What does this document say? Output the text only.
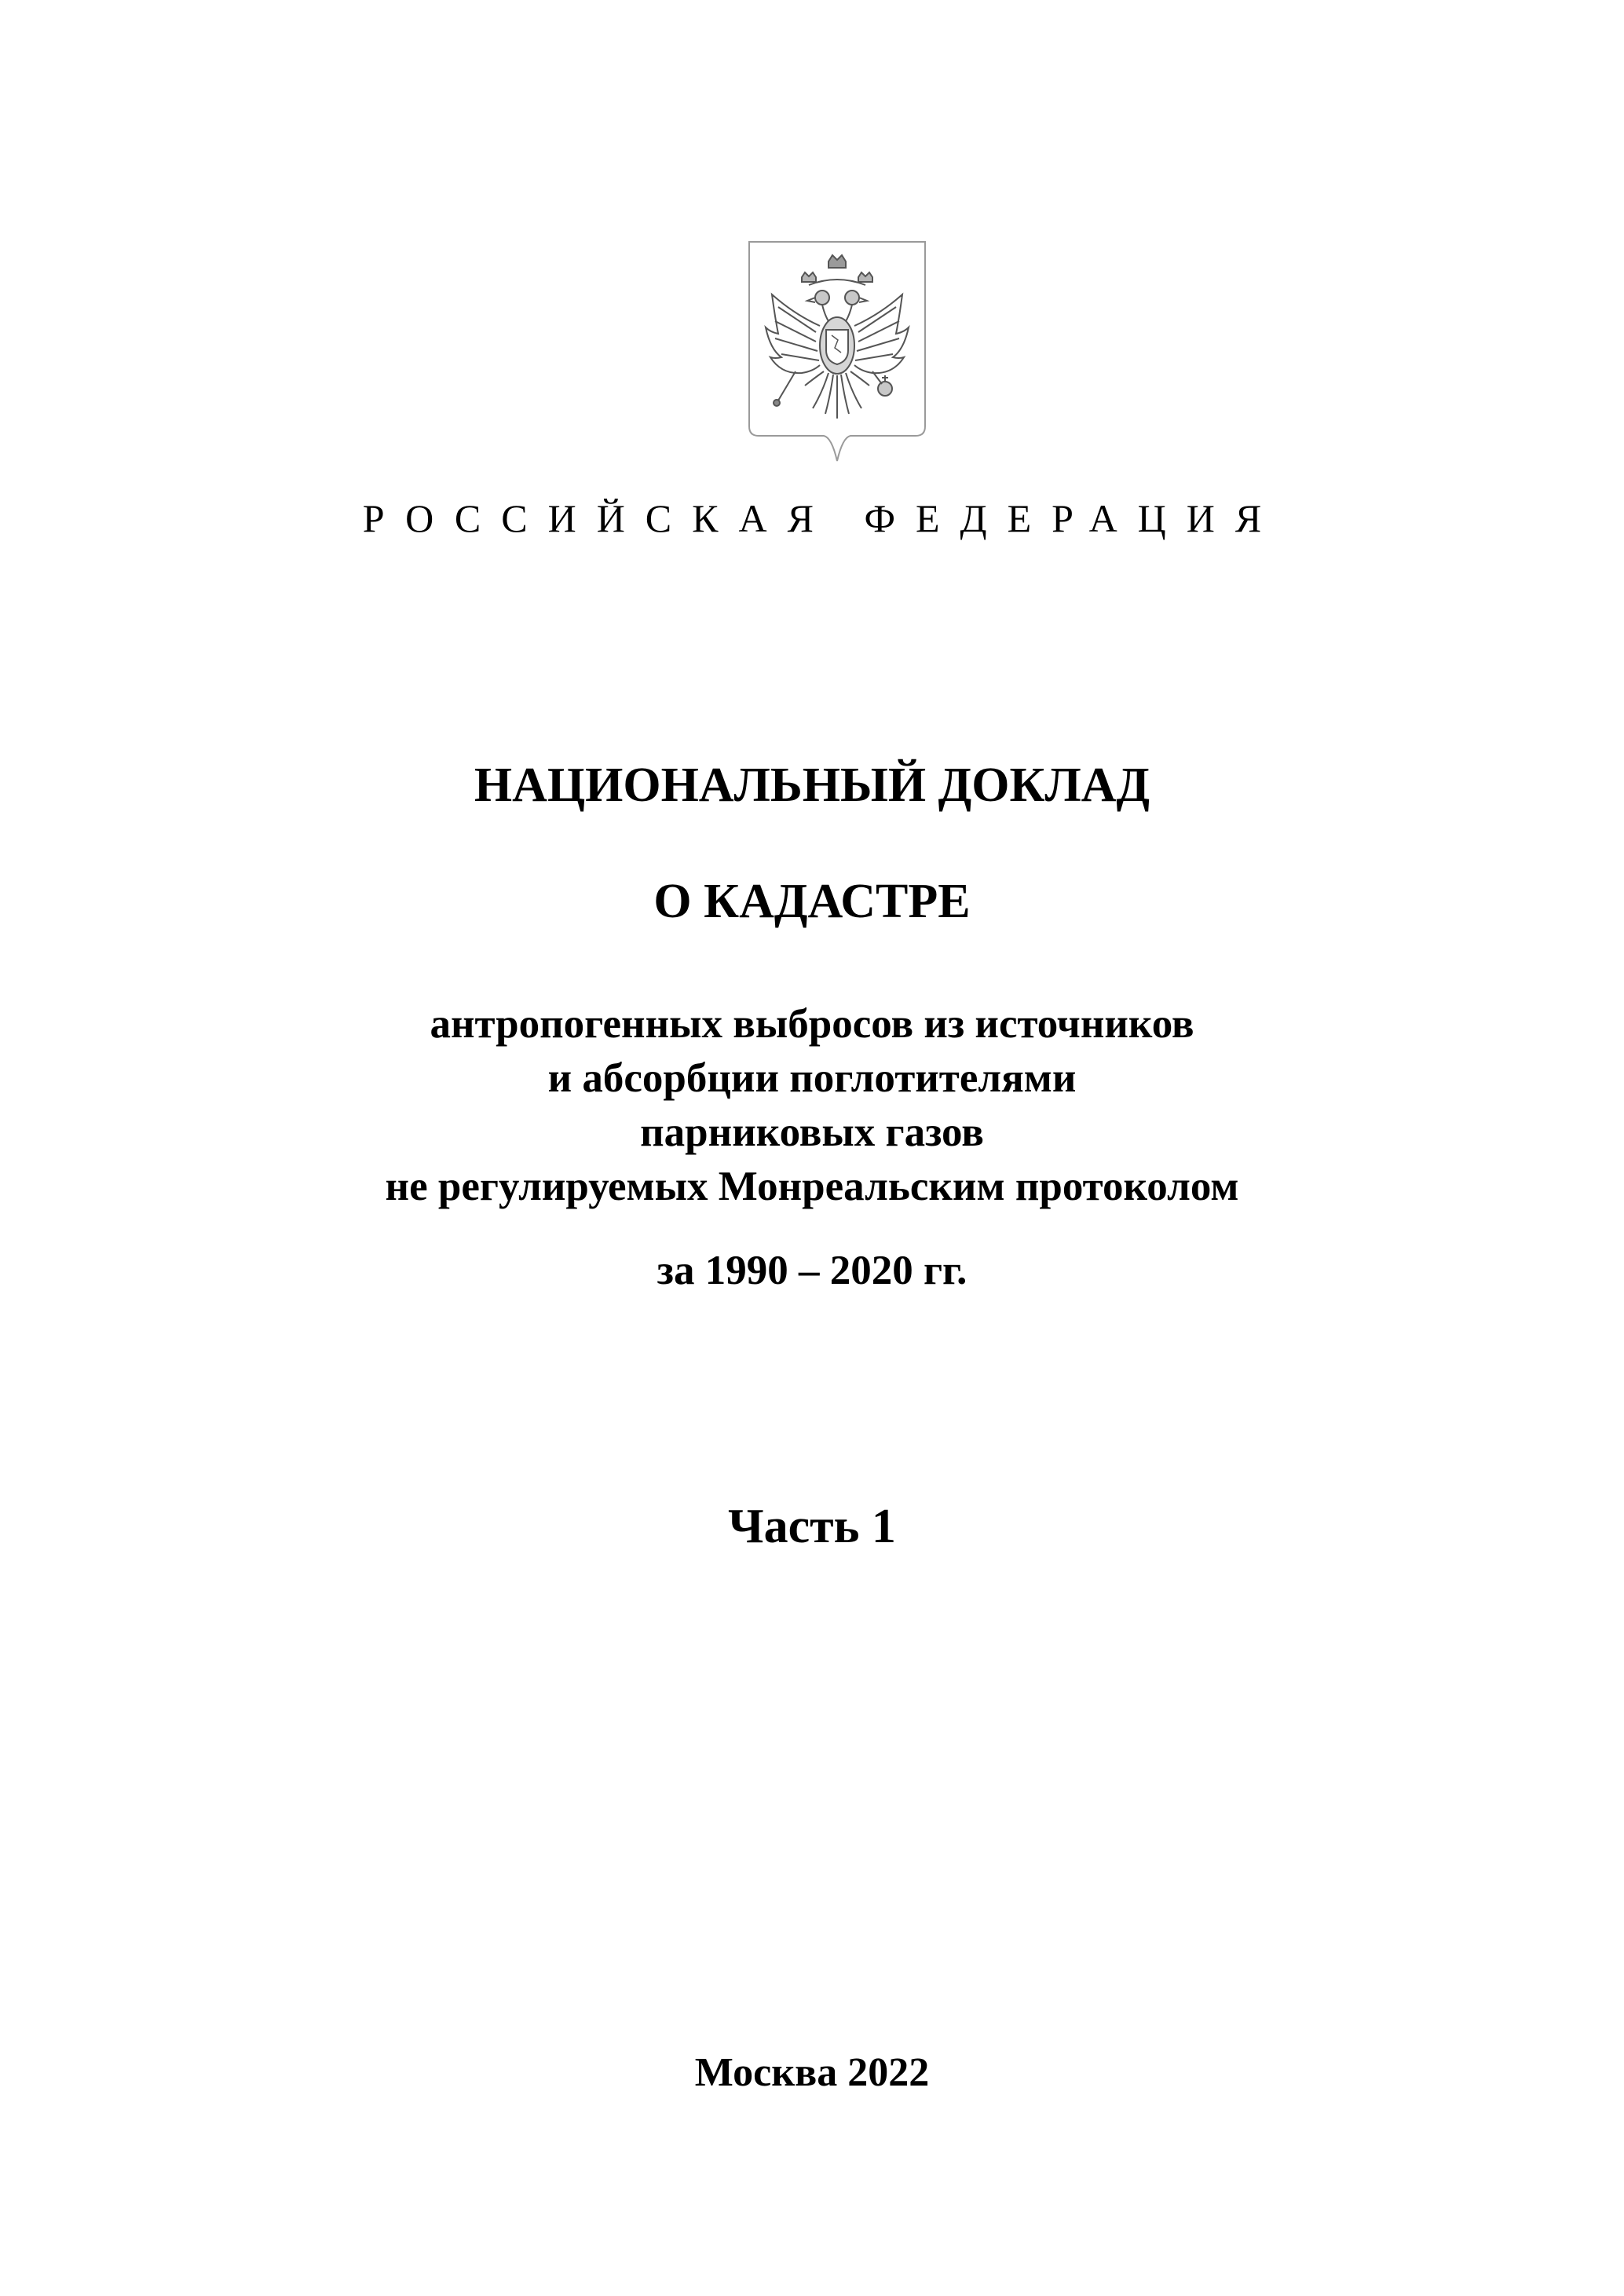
РОССИЙСКАЯ ФЕДЕРАЦИЯ
НАЦИОНАЛЬНЫЙ ДОКЛАД
О КАДАСТРЕ
антропогенных выбросов из источников
и абсорбции поглотителями
парниковых газов
не регулируемых Монреальским протоколом
за 1990 – 2020 гг.
Часть 1
Москва 2022
